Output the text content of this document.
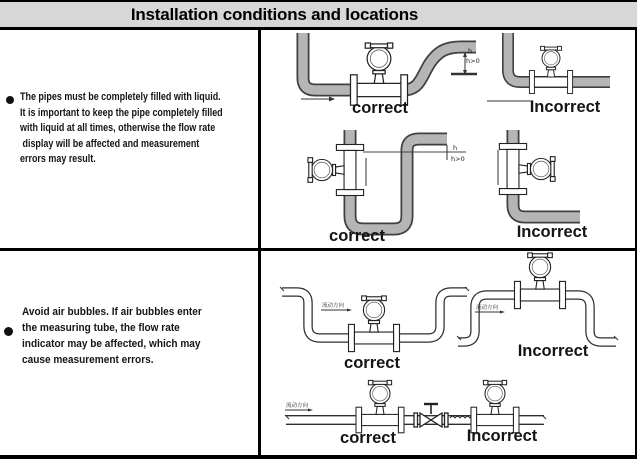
Installation conditions and locations
The pipes must be completely filled with liquid.
It is important to keep the pipe completely filled
with liquid at all times, otherwise the flow rate
display will be affected and measurement
errors may result.
Avoid air bubbles. If air bubbles enter
the measuring tube, the flow rate
indicator may be affected, which may
cause measurement errors.
h
h>0
correct	Incorrect
h
h>0
correct	Incorrect
流动方向
correct
流动方向
Incorrect
流动方向
correct	Incorrect
